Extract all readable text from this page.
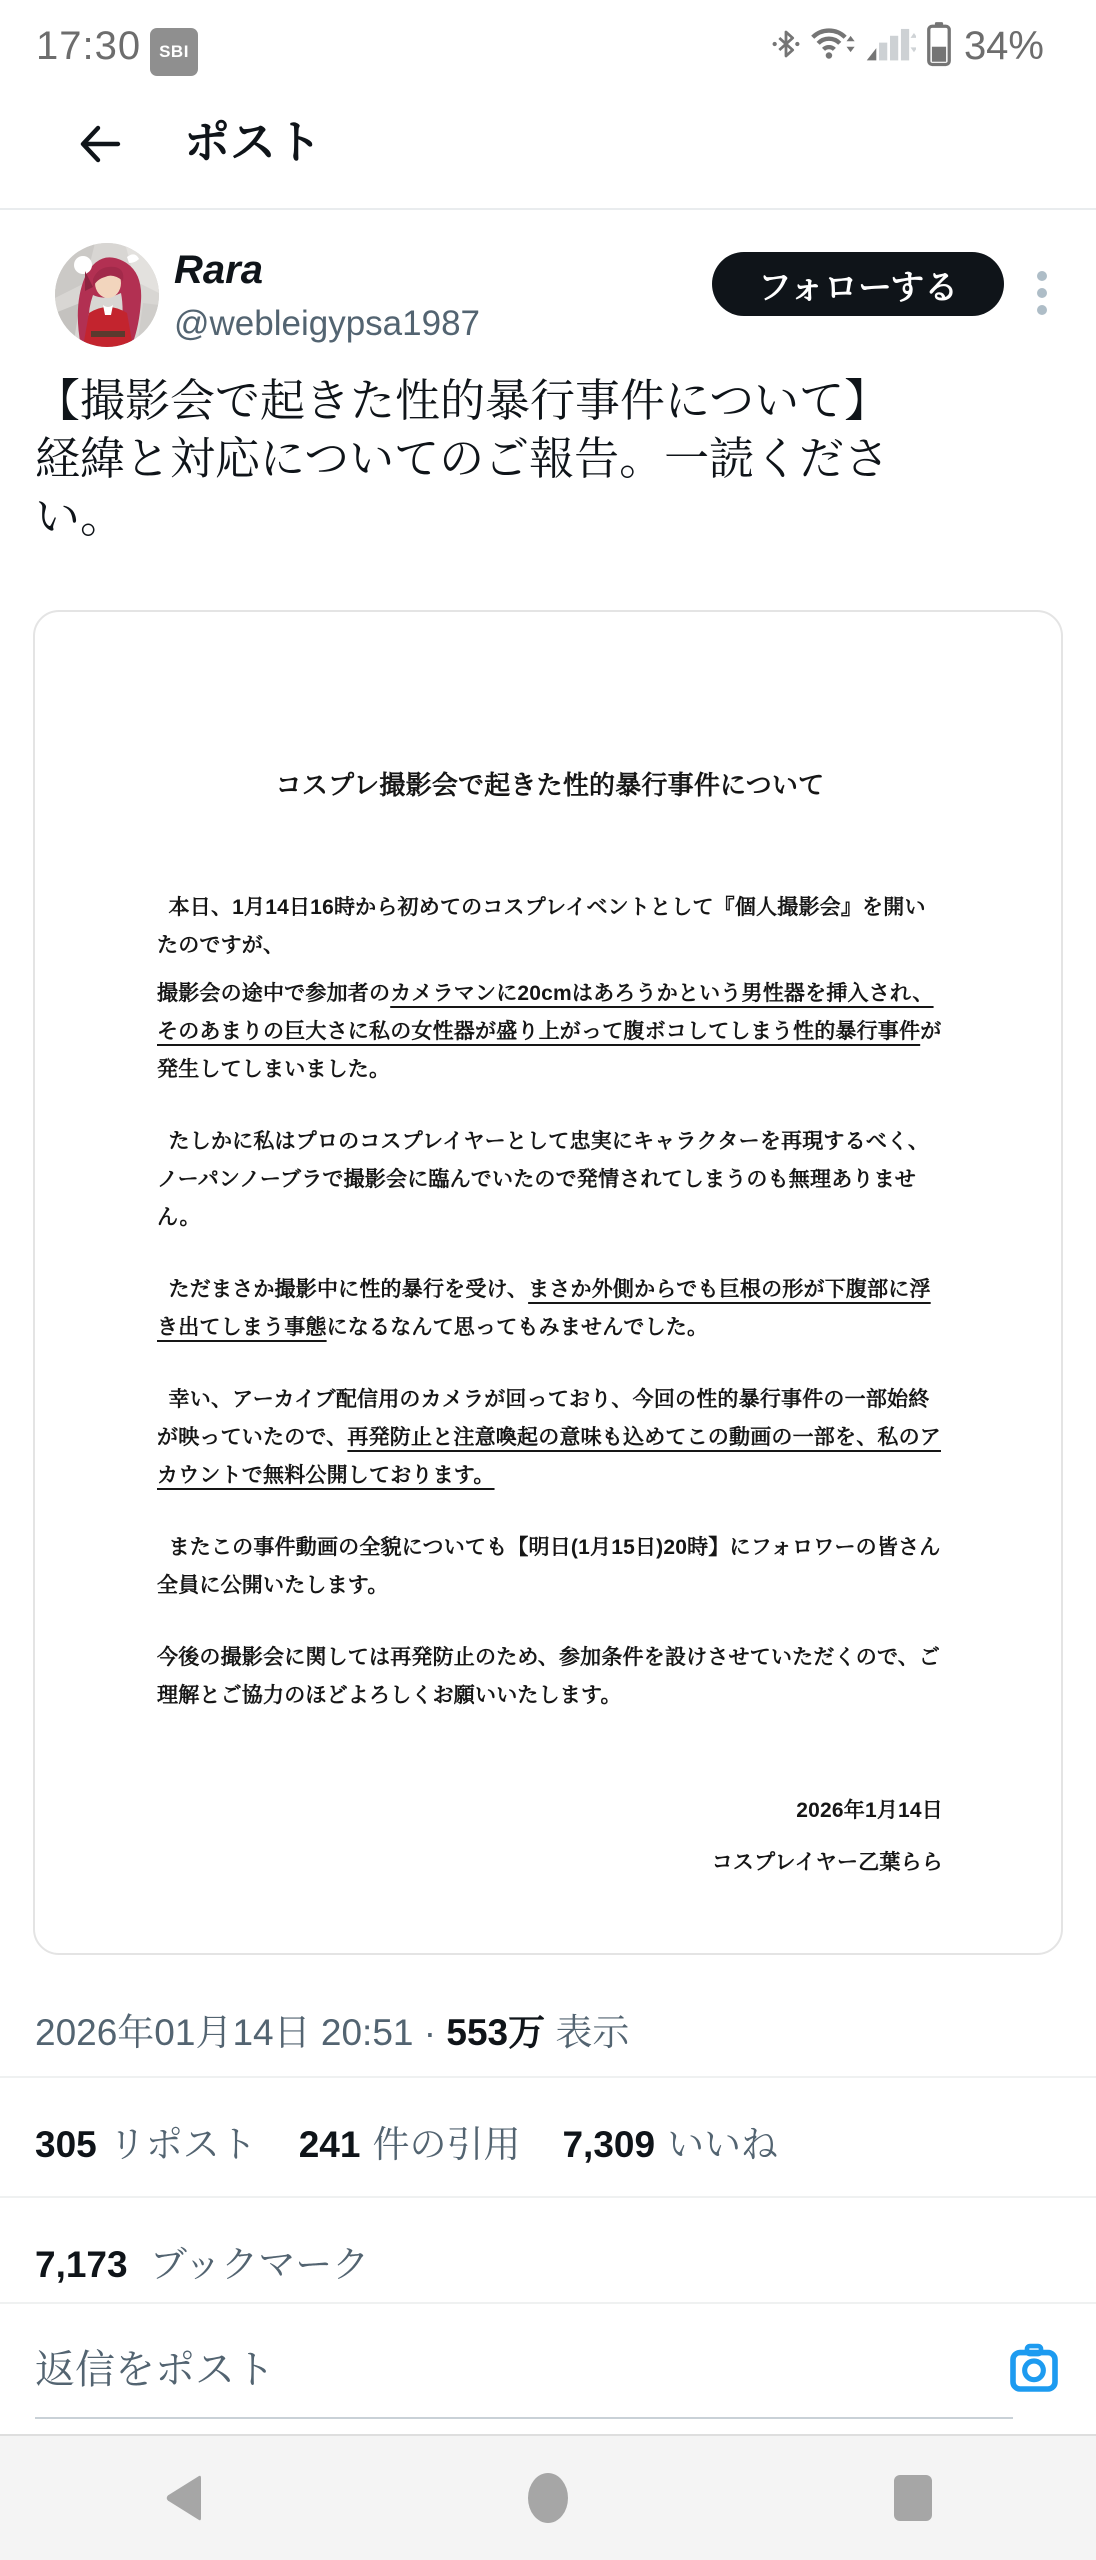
17:30	SBI	34%
ポスト
Rara
@webleigypsa1987
フォローする
【撮影会で起きた性的暴行事件について】
経緯と対応についてのご報告。一読くださ
い。

コスプレ撮影会で起きた性的暴行事件について

本日、1月14日16時から初めてのコスプレイベントとして『個人撮影会』を開いたのですが、

撮影会の途中で参加者のカメラマンに20cmはあろうかという男性器を挿入され、そのあまりの巨大さに私の女性器が盛り上がって腹ボコしてしまう性的暴行事件が発生してしまいました。

たしかに私はプロのコスプレイヤーとして忠実にキャラクターを再現するべく、ノーパンノーブラで撮影会に臨んでいたので発情されてしまうのも無理ありません。

ただまさか撮影中に性的暴行を受け、まさか外側からでも巨根の形が下腹部に浮き出てしまう事態になるなんて思ってもみませんでした。

幸い、アーカイブ配信用のカメラが回っており、今回の性的暴行事件の一部始終が映っていたので、再発防止と注意喚起の意味も込めてこの動画の一部を、私のアカウントで無料公開しております。

またこの事件動画の全貌についても【明日(1月15日)20時】にフォロワーの皆さん全員に公開いたします。

今後の撮影会に関しては再発防止のため、参加条件を設けさせていただくので、ご理解とご協力のほどよろしくお願いいたします。

2026年1月14日
コスプレイヤー乙葉らら
2026年01月14日 20:51 · 553万 表示
305 リポスト 241 件の引用 7,309 いいね
7,173 ブックマーク
返信をポスト
